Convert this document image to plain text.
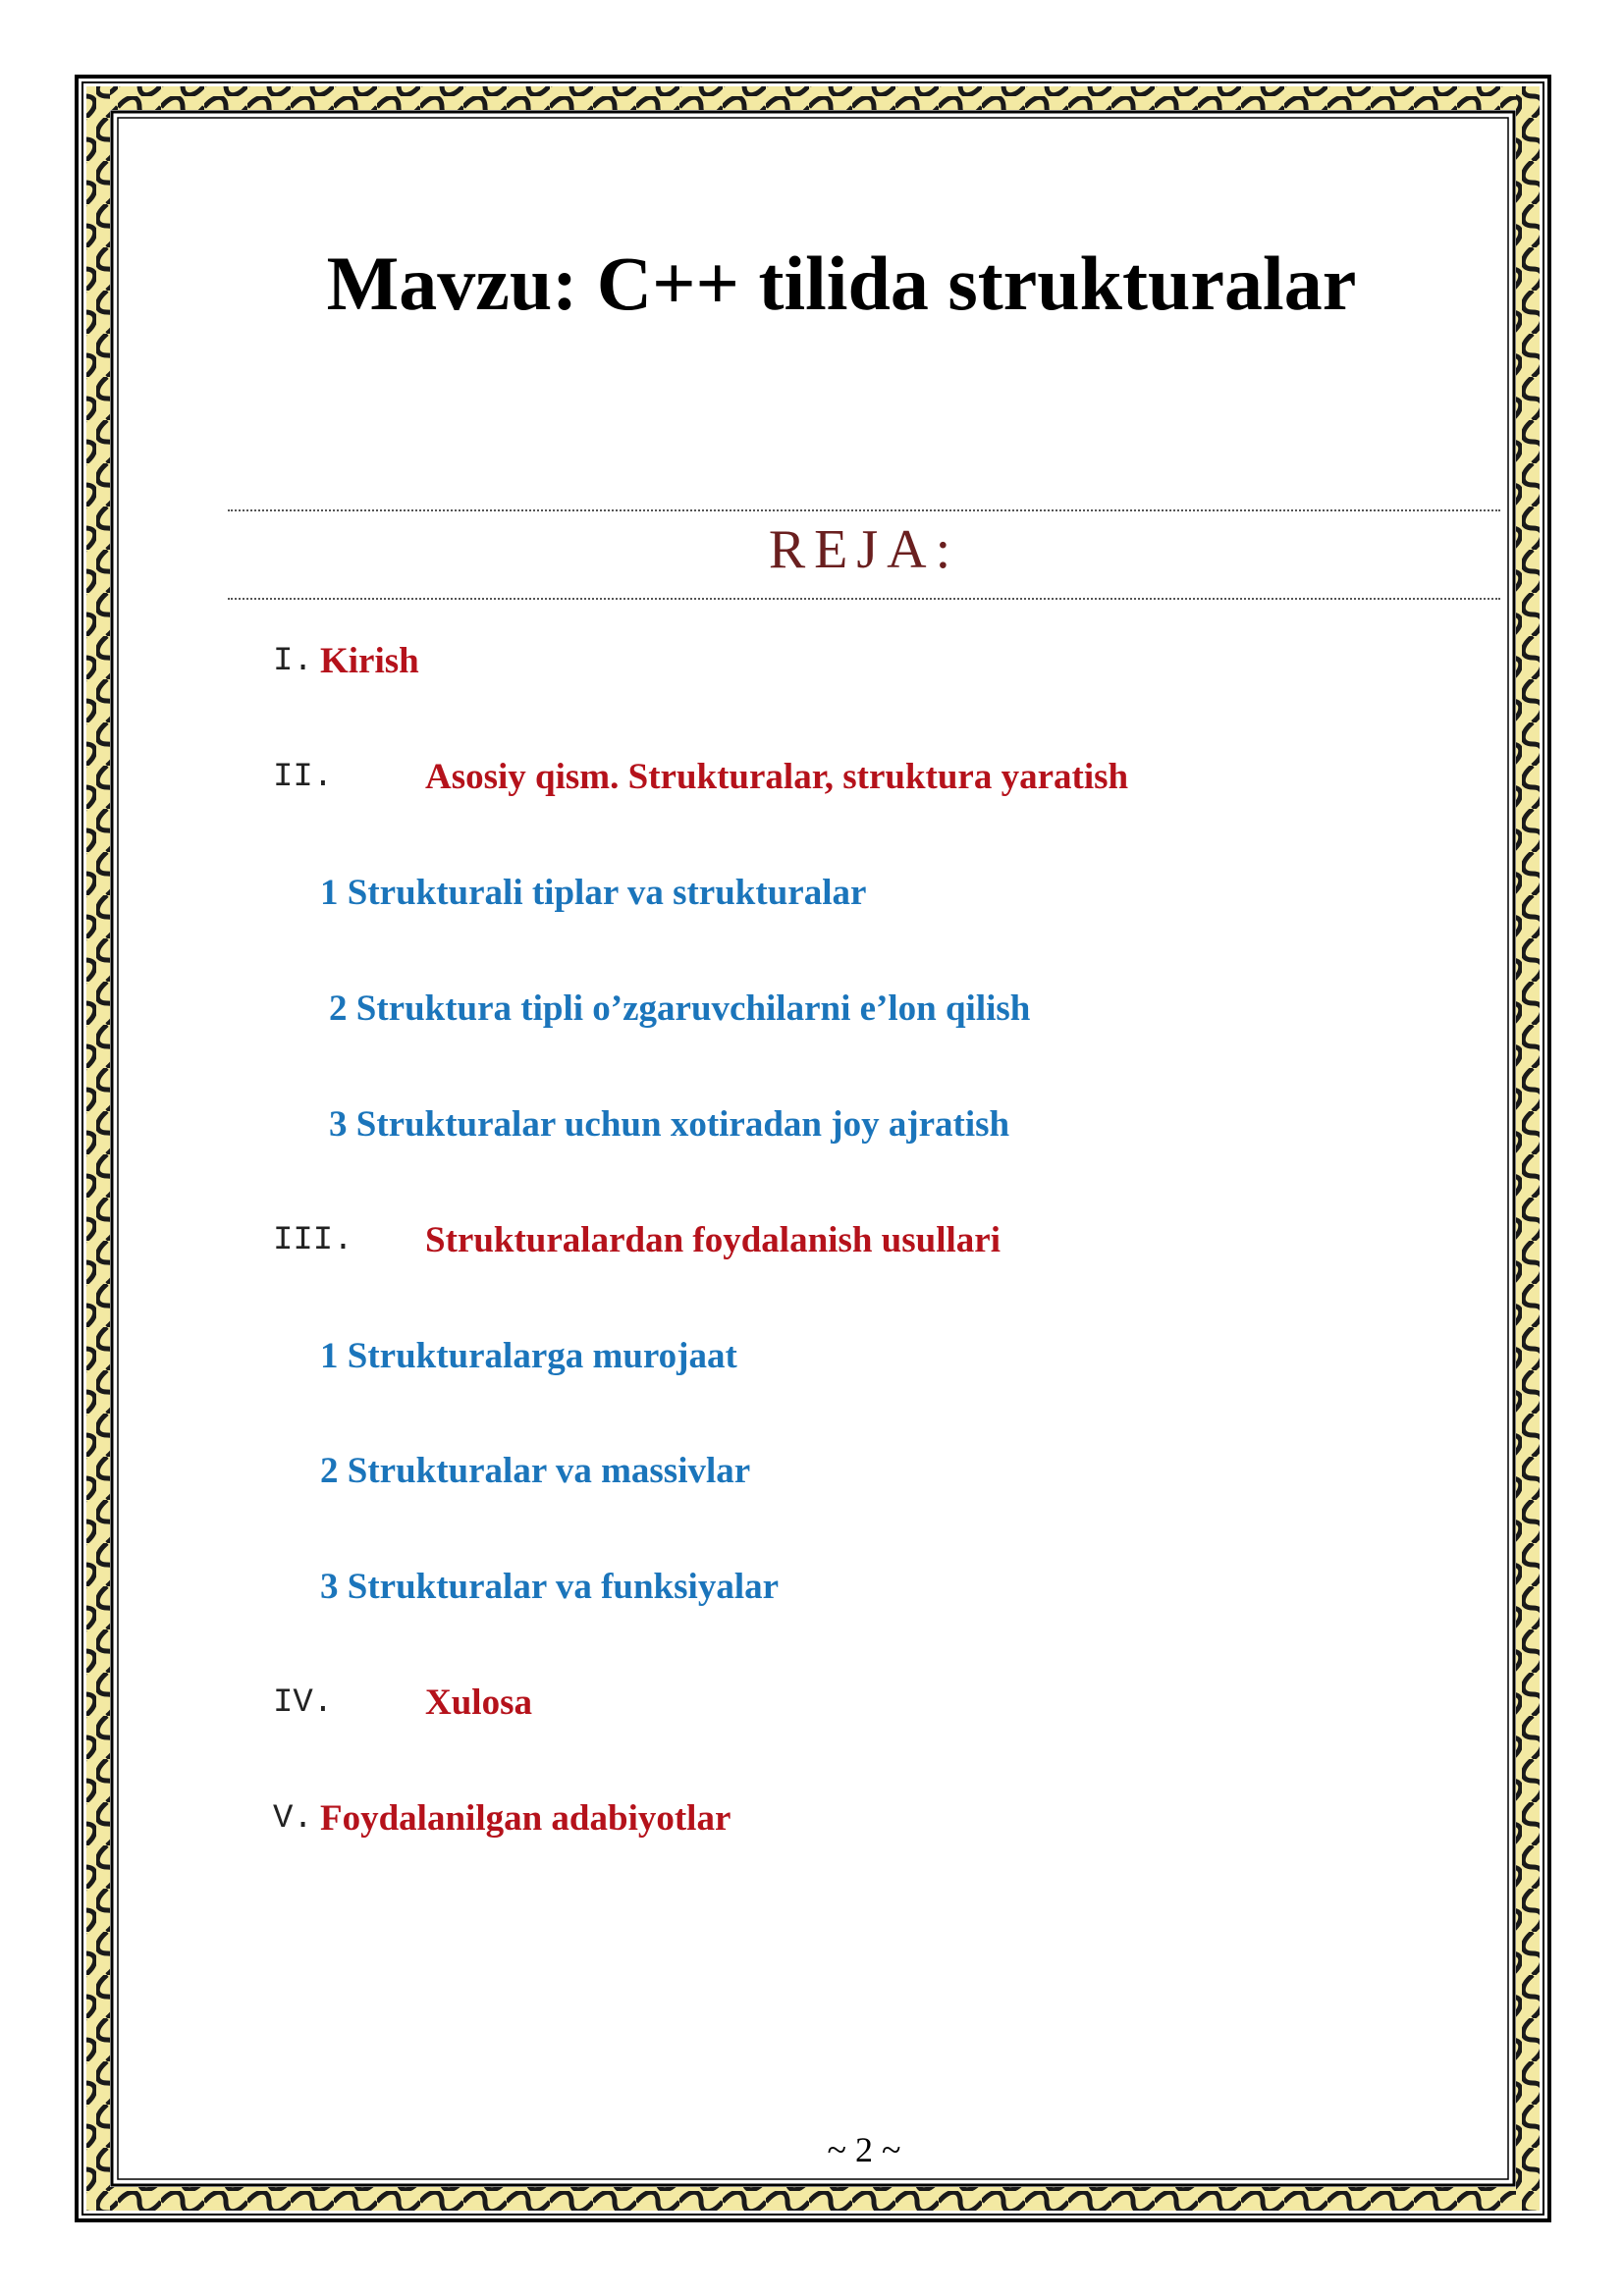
Mavzu: C++ tilida strukturalar
REJA:
I. Kirish
II.	Asosiy qism. Strukturalar, struktura yaratish
1 Strukturali tiplar va strukturalar
2 Struktura tipli o’zgaruvchilarni e’lon qilish
3 Strukturalar uchun xotiradan joy ajratish
III. Strukturalardan foydalanish usullari
1 Strukturalarga murojaat
2 Strukturalar va massivlar
3 Strukturalar va funksiyalar
IV.	Xulosa
V. Foydalanilgan adabiyotlar
~ 2 ~
